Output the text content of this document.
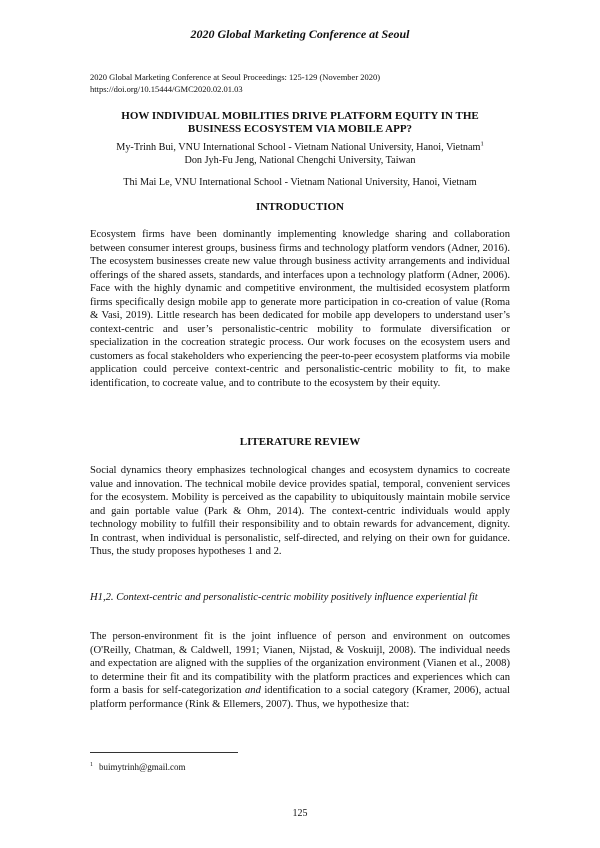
2020 Global Marketing Conference at Seoul
2020 Global Marketing Conference at Seoul Proceedings: 125-129 (November 2020)
https://doi.org/10.15444/GMC2020.02.01.03
HOW INDIVIDUAL MOBILITIES DRIVE PLATFORM EQUITY IN THE
BUSINESS ECOSYSTEM VIA MOBILE APP?
My-Trinh Bui, VNU International School - Vietnam National University, Hanoi, Vietnam$^1$
Don Jyh-Fu Jeng, National Chengchi University, Taiwan
Thi Mai Le, VNU International School - Vietnam National University, Hanoi, Vietnam
INTRODUCTION

Ecosystem firms have been dominantly implementing knowledge sharing and collaboration between consumer interest groups, business firms and technology platform vendors (Adner, 2016). The ecosystem businesses create new value through business activity arrangements and individual offerings of the shared assets, standards, and interfaces upon a technology platform (Adner, 2006). Face with the highly dynamic and competitive environment, the multisided ecosystem platform firms specifically design mobile app to generate more participation in co-creation of value (Roma & Vasi, 2019). Little research has been dedicated for mobile app developers to understand user’s context-centric and user’s personalistic-centric mobility to formulate diversification or specialization in the cocreation strategic process. Our work focuses on the ecosystem users and customers as focal stakeholders who experiencing the peer-to-peer ecosystem platforms via mobile application could perceive context-centric and personalistic-centric mobility to fit, to make identification, to cocreate value, and to contribute to the ecosystem by their equity.

LITERATURE REVIEW

Social dynamics theory emphasizes technological changes and ecosystem dynamics to cocreate value and innovation. The technical mobile device provides spatial, temporal, convenient services for the ecosystem. Mobility is perceived as the capability to ubiquitously maintain mobile service and gain portable value (Park & Ohm, 2014). The context-centric individuals would apply technology mobility to fulfill their responsibility and to obtain rewards for advancement, dignity. In contrast, when individual is personalistic, self-directed, and relying on their own for guidance. Thus, the study proposes hypotheses 1 and 2.

H1,2. Context-centric and personalistic-centric mobility positively influence experiential fit

The person-environment fit is the joint influence of person and environment on outcomes (O'Reilly, Chatman, & Caldwell, 1991; Vianen, Nijstad, & Voskuijl, 2008). The individual needs and expectation are aligned with the supplies of the organization environment (Vianen et al., 2008) to determine their fit and its compatibility with the platform practices and experiences which can form a basis for self-categorization and identification to a social category (Kramer, 2006), actual platform performance (Rink & Ellemers, 2007). Thus, we hypothesize that:

$^1$ buimytrinh@gmail.com
125
